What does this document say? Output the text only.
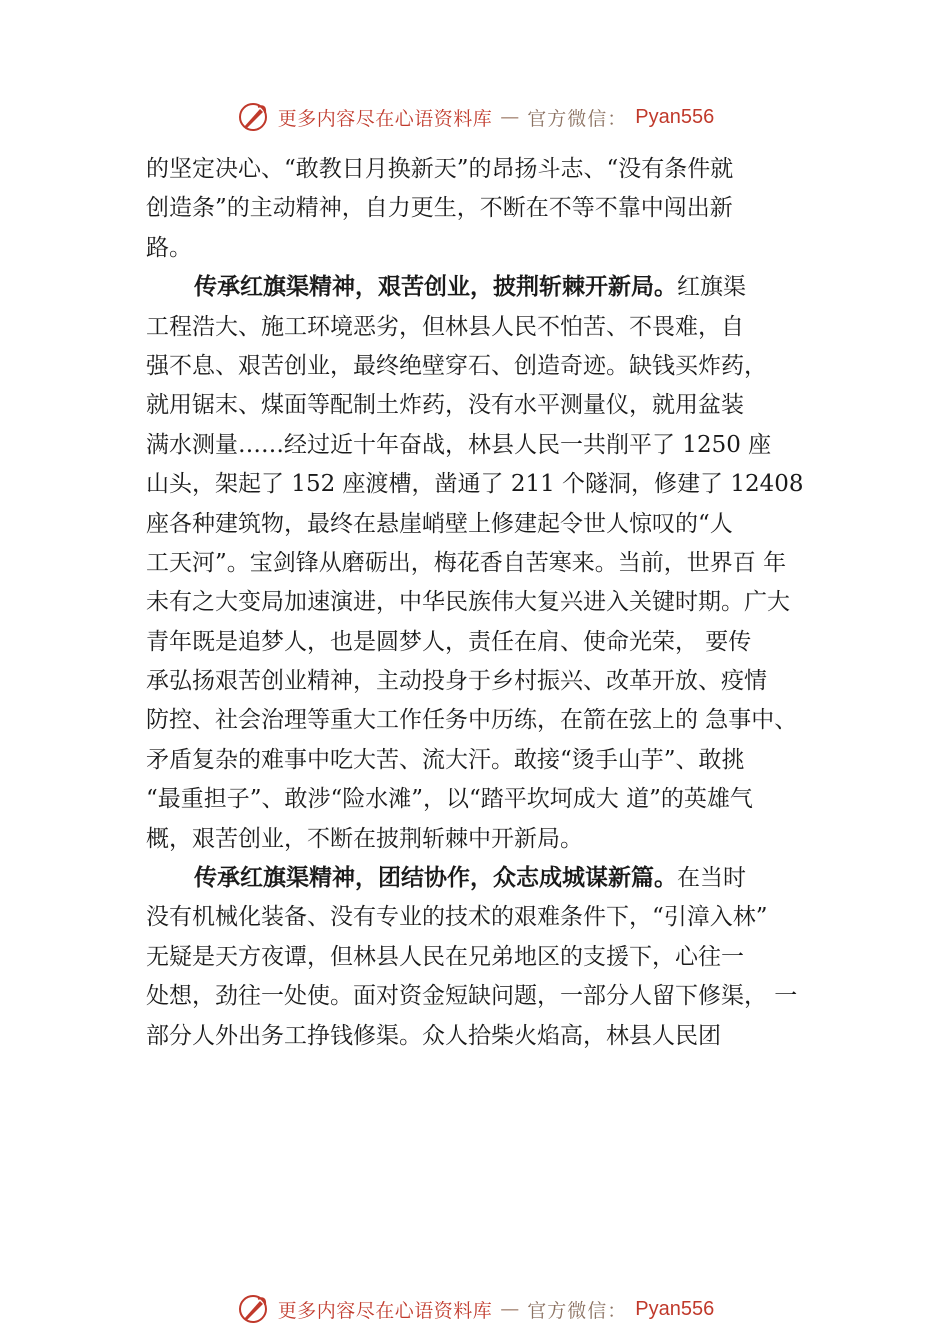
更多内容尽在心语资料库 — 官方微信： Pyan556
的坚定决心、“敢教日月换新天”的昂扬斗志、“没有条件就
创造条”的主动精神，自力更生，不断在不等不靠中闯出新
路。
传承红旗渠精神，艰苦创业，披荆斩棘开新局。红旗渠
工程浩大、施工环境恶劣，但林县人民不怕苦、不畏难，自
强不息、艰苦创业，最终绝壁穿石、创造奇迹。缺钱买炸药，
就用锯末、煤面等配制土炸药，没有水平测量仪，就用盆装
满水测量……经过近十年奋战，林县人民一共削平了 1250 座
山头，架起了 152 座渡槽，凿通了 211 个隧洞，修建了 12408
座各种建筑物，最终在悬崖峭壁上修建起令世人惊叹的“人
工天河”。宝剑锋从磨砺出，梅花香自苦寒来。当前，世界百 年
未有之大变局加速演进，中华民族伟大复兴进入关键时期。广大
青年既是追梦人，也是圆梦人，责任在肩、使命光荣， 要传
承弘扬艰苦创业精神，主动投身于乡村振兴、改革开放、疫情
防控、社会治理等重大工作任务中历练，在箭在弦上的 急事中、
矛盾复杂的难事中吃大苦、流大汗。敢接“烫手山芋”、敢挑
“最重担子”、敢涉“险水滩”，以“踏平坎坷成大 道”的英雄气
概，艰苦创业，不断在披荆斩棘中开新局。
传承红旗渠精神，团结协作，众志成城谋新篇。在当时
没有机械化装备、没有专业的技术的艰难条件下，“引漳入林”
无疑是天方夜谭，但林县人民在兄弟地区的支援下，心往一
处想，劲往一处使。面对资金短缺问题，一部分人留下修渠， 一
部分人外出务工挣钱修渠。众人拾柴火焰高，林县人民团
更多内容尽在心语资料库 — 官方微信： Pyan556
